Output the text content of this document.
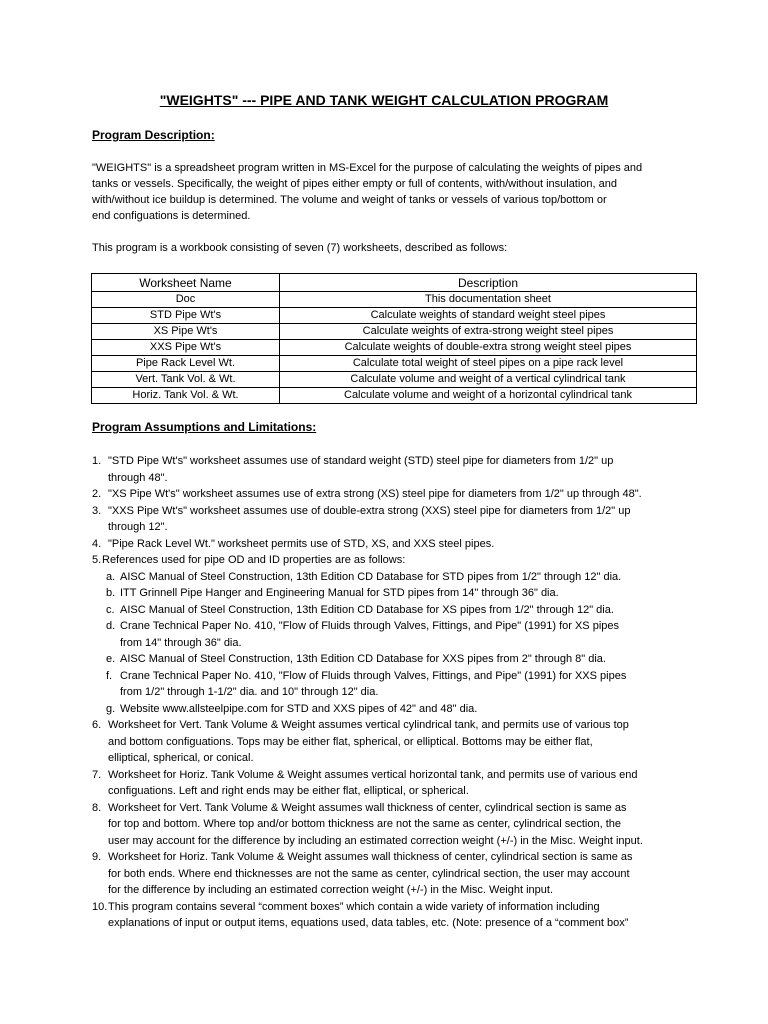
"WEIGHTS" --- PIPE AND TANK WEIGHT CALCULATION PROGRAM
Program Description:
"WEIGHTS" is a spreadsheet program written in MS-Excel for the purpose of calculating the weights of pipes and
tanks or vessels. Specifically, the weight of pipes either empty or full of contents, with/without insulation, and
with/without ice buildup is determined. The volume and weight of tanks or vessels of various top/bottom or
end configuations is determined.
This program is a workbook consisting of seven (7) worksheets, described as follows:
Worksheet Name	Description
Doc	This documentation sheet
STD Pipe Wt's	Calculate weights of standard weight steel pipes
XS Pipe Wt's	Calculate weights of extra-strong weight steel pipes
XXS Pipe Wt's	Calculate weights of double-extra strong weight steel pipes
Pipe Rack Level Wt.	Calculate total weight of steel pipes on a pipe rack level
Vert. Tank Vol. & Wt.	Calculate volume and weight of a vertical cylindrical tank
Horiz. Tank Vol. & Wt.	Calculate volume and weight of a horizontal cylindrical tank
Program Assumptions and Limitations:
1. "STD Pipe Wt's" worksheet assumes use of standard weight (STD) steel pipe for diameters from 1/2" up
through 48".
2. "XS Pipe Wt's" worksheet assumes use of extra strong (XS) steel pipe for diameters from 1/2" up through 48".
3. "XXS Pipe Wt's" worksheet assumes use of double-extra strong (XXS) steel pipe for diameters from 1/2" up
through 12".
4. "Pipe Rack Level Wt." worksheet permits use of STD, XS, and XXS steel pipes.
5. References used for pipe OD and ID properties are as follows:
a. AISC Manual of Steel Construction, 13th Edition CD Database for STD pipes from 1/2" through 12" dia.
b. ITT Grinnell Pipe Hanger and Engineering Manual for STD pipes from 14" through 36" dia.
c. AISC Manual of Steel Construction, 13th Edition CD Database for XS pipes from 1/2" through 12" dia.
d. Crane Technical Paper No. 410, "Flow of Fluids through Valves, Fittings, and Pipe" (1991) for XS pipes
from 14" through 36" dia.
e. AISC Manual of Steel Construction, 13th Edition CD Database for XXS pipes from 2" through 8" dia.
f. Crane Technical Paper No. 410, "Flow of Fluids through Valves, Fittings, and Pipe" (1991) for XXS pipes
from 1/2" through 1-1/2" dia. and 10" through 12" dia.
g. Website www.allsteelpipe.com for STD and XXS pipes of 42" and 48" dia.
6. Worksheet for Vert. Tank Volume & Weight assumes vertical cylindrical tank, and permits use of various top
and bottom configuations. Tops may be either flat, spherical, or elliptical. Bottoms may be either flat,
elliptical, spherical, or conical.
7. Worksheet for Horiz. Tank Volume & Weight assumes vertical horizontal tank, and permits use of various end
configuations. Left and right ends may be either flat, elliptical, or spherical.
8. Worksheet for Vert. Tank Volume & Weight assumes wall thickness of center, cylindrical section is same as
for top and bottom. Where top and/or bottom thickness are not the same as center, cylindrical section, the
user may account for the difference by including an estimated correction weight (+/-) in the Misc. Weight input.
9. Worksheet for Horiz. Tank Volume & Weight assumes wall thickness of center, cylindrical section is same as
for both ends. Where end thicknesses are not the same as center, cylindrical section, the user may account
for the difference by including an estimated correction weight (+/-) in the Misc. Weight input.
10. This program contains several “comment boxes” which contain a wide variety of information including
explanations of input or output items, equations used, data tables, etc. (Note: presence of a “comment box”
